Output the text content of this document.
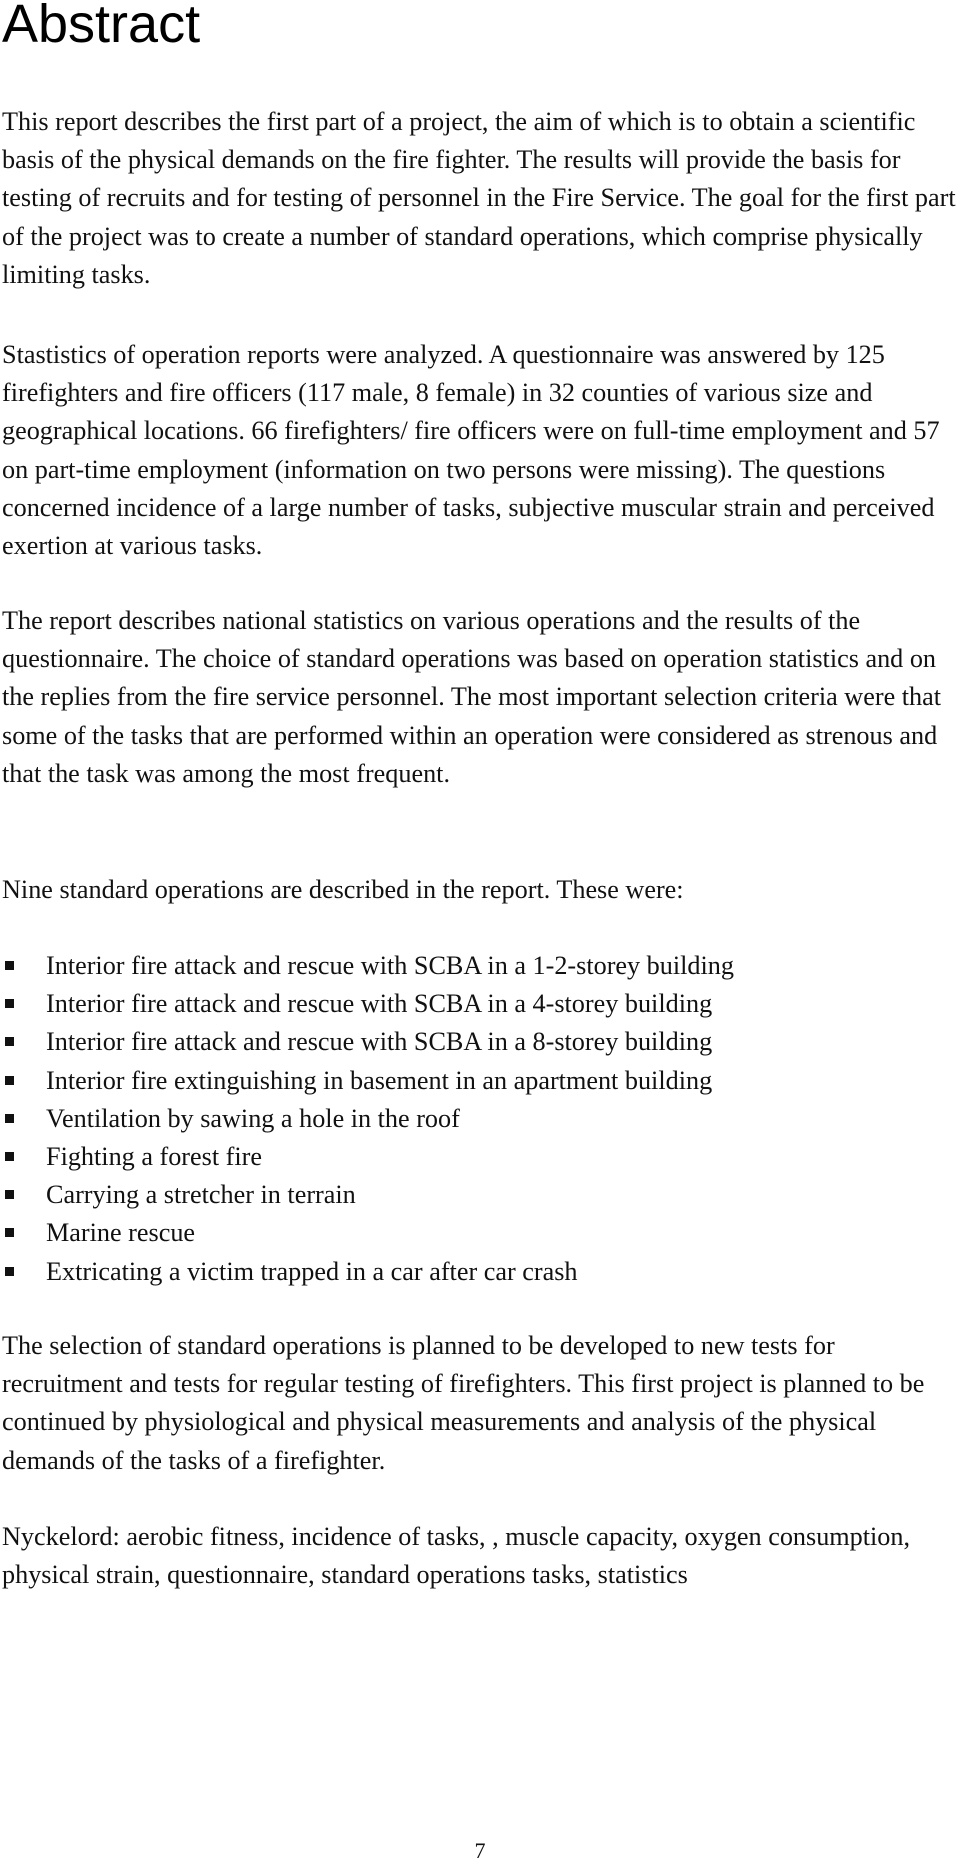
Abstract

This report describes the first part of a project, the aim of which is to obtain a scientific basis of the physical demands on the fire fighter. The results will provide the basis for testing of recruits and for testing of personnel in the Fire Service. The goal for the first part of the project was to create a number of standard operations, which comprise physically limiting tasks.

Stastistics of operation reports were analyzed. A questionnaire was answered by 125 firefighters and fire officers (117 male, 8 female) in 32 counties of various size and geographical locations. 66 firefighters/ fire officers were on full-time employment and 57 on part-time employment (information on two persons were missing). The questions concerned incidence of a large number of tasks, subjective muscular strain and perceived exertion at various tasks.

The report describes national statistics on various operations and the results of the questionnaire. The choice of standard operations was based on operation statistics and on the replies from the fire service personnel. The most important selection criteria were that some of the tasks that are performed within an operation were considered as strenous and that the task was among the most frequent.

Nine standard operations are described in the report. These were:

Interior fire attack and rescue with SCBA in a 1-2-storey building
Interior fire attack and rescue with SCBA in a 4-storey building
Interior fire attack and rescue with SCBA in a 8-storey building
Interior fire extinguishing in basement in an apartment building
Ventilation by sawing a hole in the roof
Fighting a forest fire
Carrying a stretcher in terrain
Marine rescue
Extricating a victim trapped in a car after car crash

The selection of standard operations is planned to be developed to new tests for recruitment and tests for regular testing of firefighters. This first project is planned to be continued by physiological and physical measurements and analysis of the physical demands of the tasks of a firefighter.

Nyckelord: aerobic fitness, incidence of tasks, , muscle capacity, oxygen consumption, physical strain, questionnaire, standard operations tasks, statistics

7
